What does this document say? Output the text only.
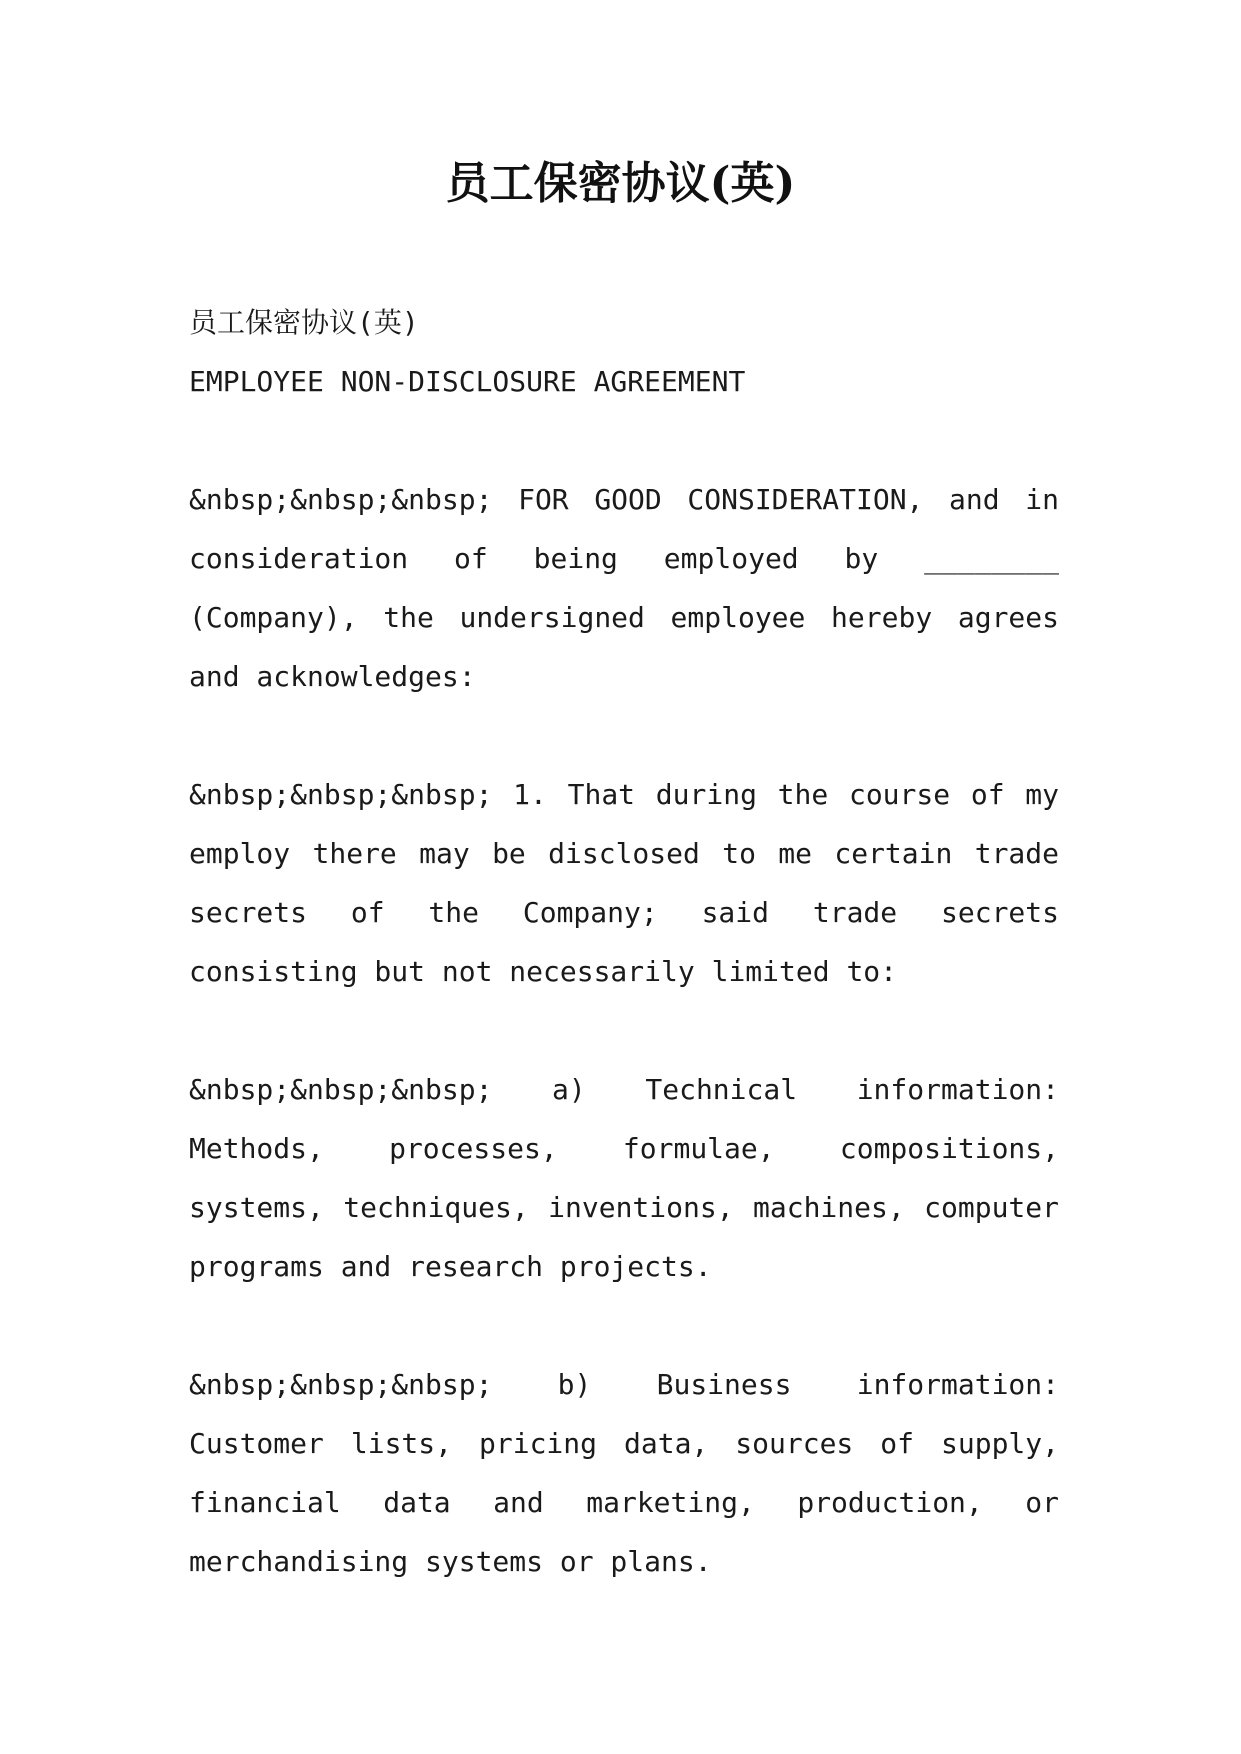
员工保密协议(英)

员工保密协议(英)

EMPLOYEE NON-DISCLOSURE AGREEMENT

&nbsp;&nbsp;&nbsp; FOR GOOD CONSIDERATION, and in consideration of being employed by ________ (Company), the undersigned employee hereby agrees and acknowledges:

&nbsp;&nbsp;&nbsp; 1. That during the course of my employ there may be disclosed to me certain trade secrets of the Company; said trade secrets consisting but not necessarily limited to:

&nbsp;&nbsp;&nbsp; a) Technical information: Methods, processes, formulae, compositions, systems, techniques, inventions, machines, computer programs and research projects.

&nbsp;&nbsp;&nbsp; b) Business information: Customer lists, pricing data, sources of supply, financial data and marketing, production, or merchandising systems or plans.
